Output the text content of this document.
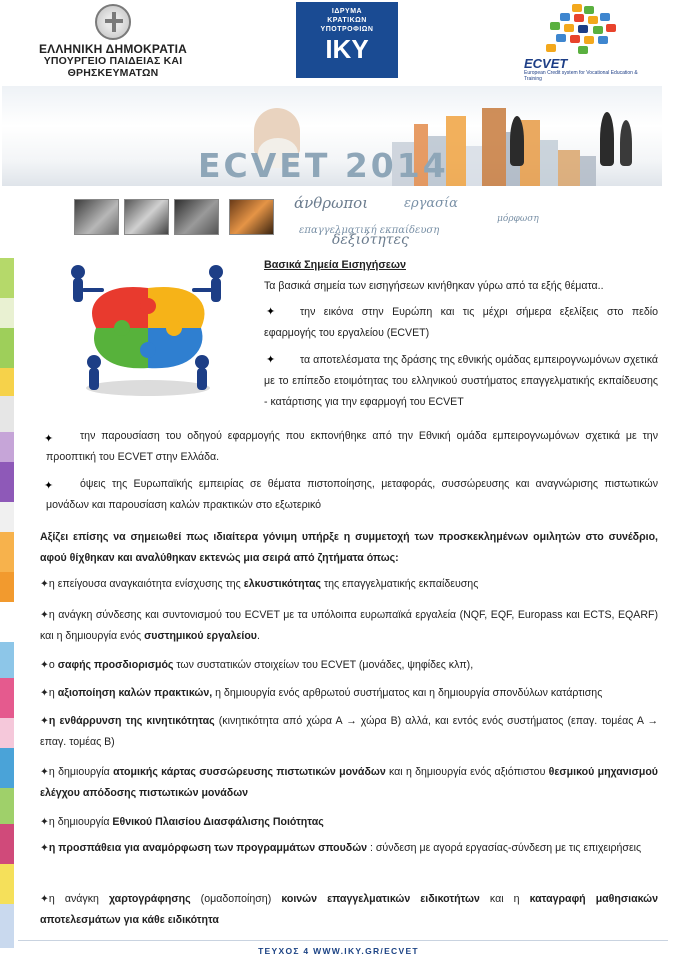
ΕΛΛΗΝΙΚΗ ΔΗΜΟΚΡΑΤΙΑ
ΥΠΟΥΡΓΕΙΟ ΠΑΙΔΕΙΑΣ ΚΑΙ
ΘΡΗΣΚΕΥΜΑΤΩΝ
ΙΔΡΥΜΑ
ΚΡΑΤΙΚΩΝ
ΥΠΟΤΡΟΦΙΩΝ
IKY	ECVET
European Credit system for Vocational Education & Training
ECVET 2014
άνθρωποι	εργασία
επαγγελματική εκπαίδευση
δεξιότητες
μόρφωση
Βασικά Σημεία Εισηγήσεων
Τα βασικά σημεία των εισηγήσεων κινήθηκαν γύρω από τα εξής θέματα..
✦	την εικόνα στην Ευρώπη και τις μέχρι σήμερα εξελίξεις στο πεδίο εφαρμογής του εργαλείου (ECVET)
✦	τα αποτελέσματα της δράσης της εθνικής ομάδας εμπειρογνωμόνων σχετικά με το επίπεδο ετοιμότητας του ελληνικού συστήματος επαγγελματικής εκπαίδευσης - κατάρτισης για την εφαρμογή του ECVET
✦	την παρουσίαση του οδηγού εφαρμογής που εκπονήθηκε από την Εθνική ομάδα εμπειρογνωμόνων σχετικά με την προοπτική του ECVET στην Ελλάδα.
✦	όψεις της Ευρωπαϊκής εμπειρίας σε θέματα πιστοποίησης, μεταφοράς, συσσώρευσης και αναγνώρισης πιστωτικών μονάδων και παρουσίαση καλών πρακτικών στο εξωτερικό
Αξίζει επίσης να σημειωθεί πως ιδιαίτερα γόνιμη υπήρξε η συμμετοχή των προσκεκλημένων ομιλητών στο συνέδριο, αφού θίχθηκαν και αναλύθηκαν εκτενώς μια σειρά από ζητήματα όπως:
✦η επείγουσα αναγκαιότητα ενίσχυσης της ελκυστικότητας της επαγγελματικής εκπαίδευσης
✦η ανάγκη σύνδεσης και συντονισμού του ECVET με τα υπόλοιπα ευρωπαϊκά εργαλεία (NQF, EQF, Europass και ECTS, EQARF) και η δημιουργία ενός συστημικού εργαλείου.
✦ο σαφής προσδιορισμός των συστατικών στοιχείων του ECVET (μονάδες, ψηφίδες κλπ),
✦η αξιοποίηση καλών πρακτικών, η δημιουργία ενός αρθρωτού συστήματος και η δημιουργία σπονδύλων κατάρτισης
✦η ενθάρρυνση της κινητικότητας (κινητικότητα από χώρα Α → χώρα Β) αλλά, και εντός ενός συστήματος (επαγ. τομέας Α → επαγ. τομέας Β)
✦η δημιουργία ατομικής κάρτας συσσώρευσης πιστωτικών μονάδων και η δημιουργία ενός αξιόπιστου θεσμικού μηχανισμού ελέγχου απόδοσης πιστωτικών μονάδων
✦η δημιουργία Εθνικού Πλαισίου Διασφάλισης Ποιότητας
✦η προσπάθεια για αναμόρφωση των προγραμμάτων σπουδών : σύνδεση με αγορά εργασίας-σύνδεση με τις επιχειρήσεις
✦η ανάγκη χαρτογράφησης (ομαδοποίηση) κοινών επαγγελματικών ειδικοτήτων και η καταγραφή μαθησιακών αποτελεσμάτων για κάθε ειδικότητα
ΤΕΥΧΟΣ 4 WWW.IKY.GR/ECVET
